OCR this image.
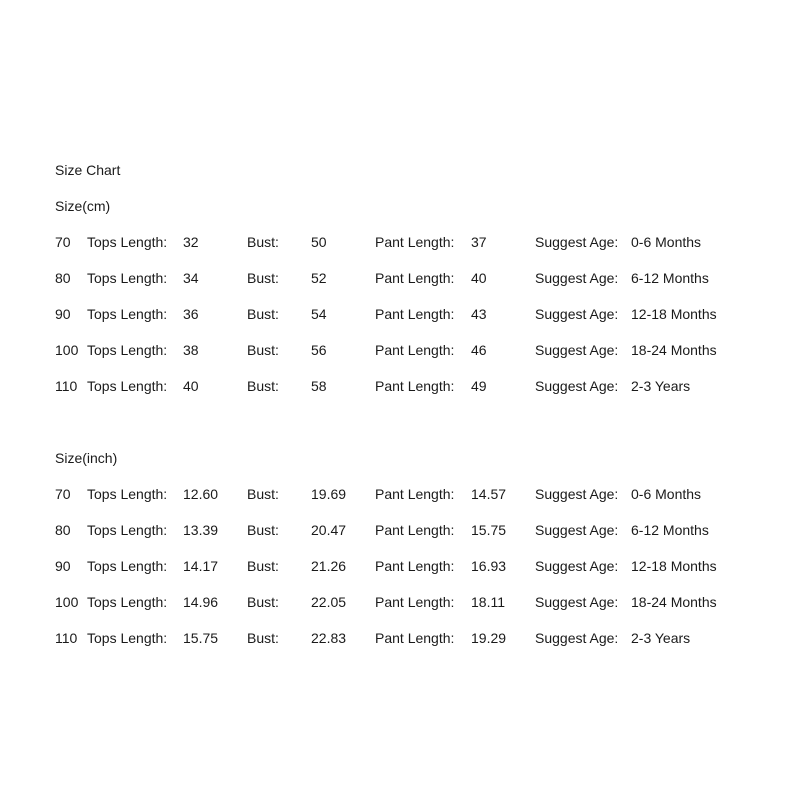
Size Chart
Size(cm)
70 Tops Length: 32	Bust: 50	Pant Length: 37	Suggest Age: 0-6 Months
80 Tops Length: 34	Bust: 52	Pant Length: 40	Suggest Age: 6-12 Months
90 Tops Length: 36	Bust: 54	Pant Length: 43	Suggest Age: 12-18 Months
100 Tops Length: 38	Bust: 56	Pant Length: 46	Suggest Age: 18-24 Months
110 Tops Length: 40	Bust: 58	Pant Length: 49	Suggest Age: 2-3 Years
Size(inch)
70 Tops Length: 12.60 Bust: 19.69 Pant Length: 14.57 Suggest Age: 0-6 Months
80 Tops Length: 13.39 Bust: 20.47 Pant Length: 15.75 Suggest Age: 6-12 Months
90 Tops Length: 14.17 Bust: 21.26 Pant Length: 16.93 Suggest Age: 12-18 Months
100 Tops Length: 14.96 Bust: 22.05 Pant Length: 18.11 Suggest Age: 18-24 Months
110 Tops Length: 15.75 Bust: 22.83 Pant Length: 19.29 Suggest Age: 2-3 Years
